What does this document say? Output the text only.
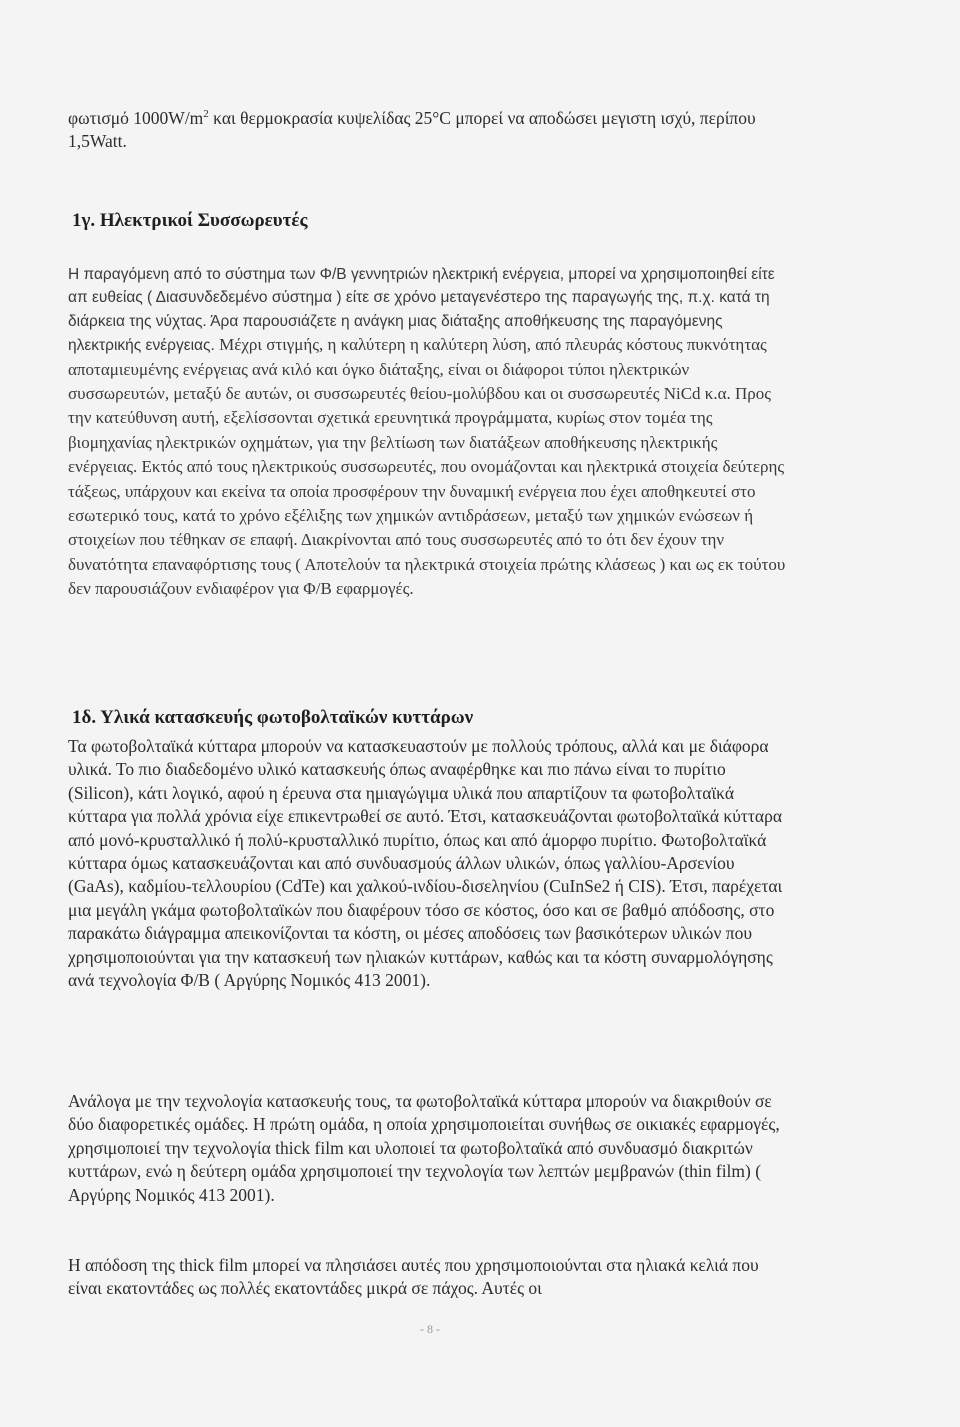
φωτισμό $1000W/m^2$ και θερμοκρασία κυψελίδας 25°C μπορεί να αποδώσει μεγιστη ισχύ, περίπου 1,5Watt.

1γ. Ηλεκτρικοί Συσσωρευτές

Η παραγόμενη από το σύστημα των Φ/Β γεννητριών ηλεκτρική ενέργεια, μπορεί να χρησιμοποιηθεί είτε απ ευθείας ( Διασυνδεδεμένο σύστημα ) είτε σε χρόνο μεταγενέστερο της παραγωγής της, π.χ. κατά τη διάρκεια της νύχτας. Άρα παρουσιάζετε η ανάγκη μιας διάταξης αποθήκευσης της παραγόμενης ηλεκτρικής ενέργειας. Μέχρι στιγμής, η καλύτερη η καλύτερη λύση, από πλευράς κόστους πυκνότητας αποταμιευμένης ενέργειας ανά κιλό και όγκο διάταξης, είναι οι διάφοροι τύποι ηλεκτρικών συσσωρευτών, μεταξύ δε αυτών, οι συσσωρευτές θείου-μολύβδου και οι συσσωρευτές NiCd κ.α. Προς την κατεύθυνση αυτή, εξελίσσονται σχετικά ερευνητικά προγράμματα, κυρίως στον τομέα της βιομηχανίας ηλεκτρικών οχημάτων, για την βελτίωση των διατάξεων αποθήκευσης ηλεκτρικής ενέργειας. Εκτός από τους ηλεκτρικούς συσσωρευτές, που ονομάζονται και ηλεκτρικά στοιχεία δεύτερης τάξεως, υπάρχουν και εκείνα τα οποία προσφέρουν την δυναμική ενέργεια που έχει αποθηκευτεί στο εσωτερικό τους, κατά το χρόνο εξέλιξης των χημικών αντιδράσεων, μεταξύ των χημικών ενώσεων ή στοιχείων που τέθηκαν σε επαφή. Διακρίνονται από τους συσσωρευτές από το ότι δεν έχουν την δυνατότητα επαναφόρτισης τους ( Αποτελούν τα ηλεκτρικά στοιχεία πρώτης κλάσεως ) και ως εκ τούτου δεν παρουσιάζουν ενδιαφέρον για Φ/Β εφαρμογές.

1δ. Υλικά κατασκευής φωτοβολταϊκών κυττάρων

Τα φωτοβολταϊκά κύτταρα μπορούν να κατασκευαστούν με πολλούς τρόπους, αλλά και με διάφορα υλικά. Το πιο διαδεδομένο υλικό κατασκευής όπως αναφέρθηκε και πιο πάνω είναι το πυρίτιο (Silicon), κάτι λογικό, αφού η έρευνα στα ημιαγώγιμα υλικά που απαρτίζουν τα φωτοβολταϊκά κύτταρα για πολλά χρόνια είχε επικεντρωθεί σε αυτό. Έτσι, κατασκευάζονται φωτοβολταϊκά κύτταρα από μονό-κρυσταλλικό ή πολύ-κρυσταλλικό πυρίτιο, όπως και από άμορφο πυρίτιο. Φωτοβολταϊκά κύτταρα όμως κατασκευάζονται και από συνδυασμούς άλλων υλικών, όπως γαλλίου-Αρσενίου (GaAs), καδμίου-τελλουρίου (CdTe) και χαλκού-ινδίου-δισεληνίου (CuInSe2 ή CIS). Έτσι, παρέχεται μια μεγάλη γκάμα φωτοβολταϊκών που διαφέρουν τόσο σε κόστος, όσο και σε βαθμό απόδοσης, στο παρακάτω διάγραμμα απεικονίζονται τα κόστη, οι μέσες αποδόσεις των βασικότερων υλικών που χρησιμοποιούνται για την κατασκευή των ηλιακών κυττάρων, καθώς και τα κόστη συναρμολόγησης ανά τεχνολογία Φ/Β ( Αργύρης Νομικός 413 2001).

Ανάλογα με την τεχνολογία κατασκευής τους, τα φωτοβολταϊκά κύτταρα μπορούν να διακριθούν σε δύο διαφορετικές ομάδες. Η πρώτη ομάδα, η οποία χρησιμοποιείται συνήθως σε οικιακές εφαρμογές, χρησιμοποιεί την τεχνολογία thick film και υλοποιεί τα φωτοβολταϊκά από συνδυασμό διακριτών κυττάρων, ενώ η δεύτερη ομάδα χρησιμοποιεί την τεχνολογία των λεπτών μεμβρανών (thin film) ( Αργύρης Νομικός 413 2001).

Η απόδοση της thick film μπορεί να πλησιάσει αυτές που χρησιμοποιούνται στα ηλιακά κελιά που είναι εκατοντάδες ως πολλές εκατοντάδες μικρά σε πάχος. Αυτές οι

- 8 -
